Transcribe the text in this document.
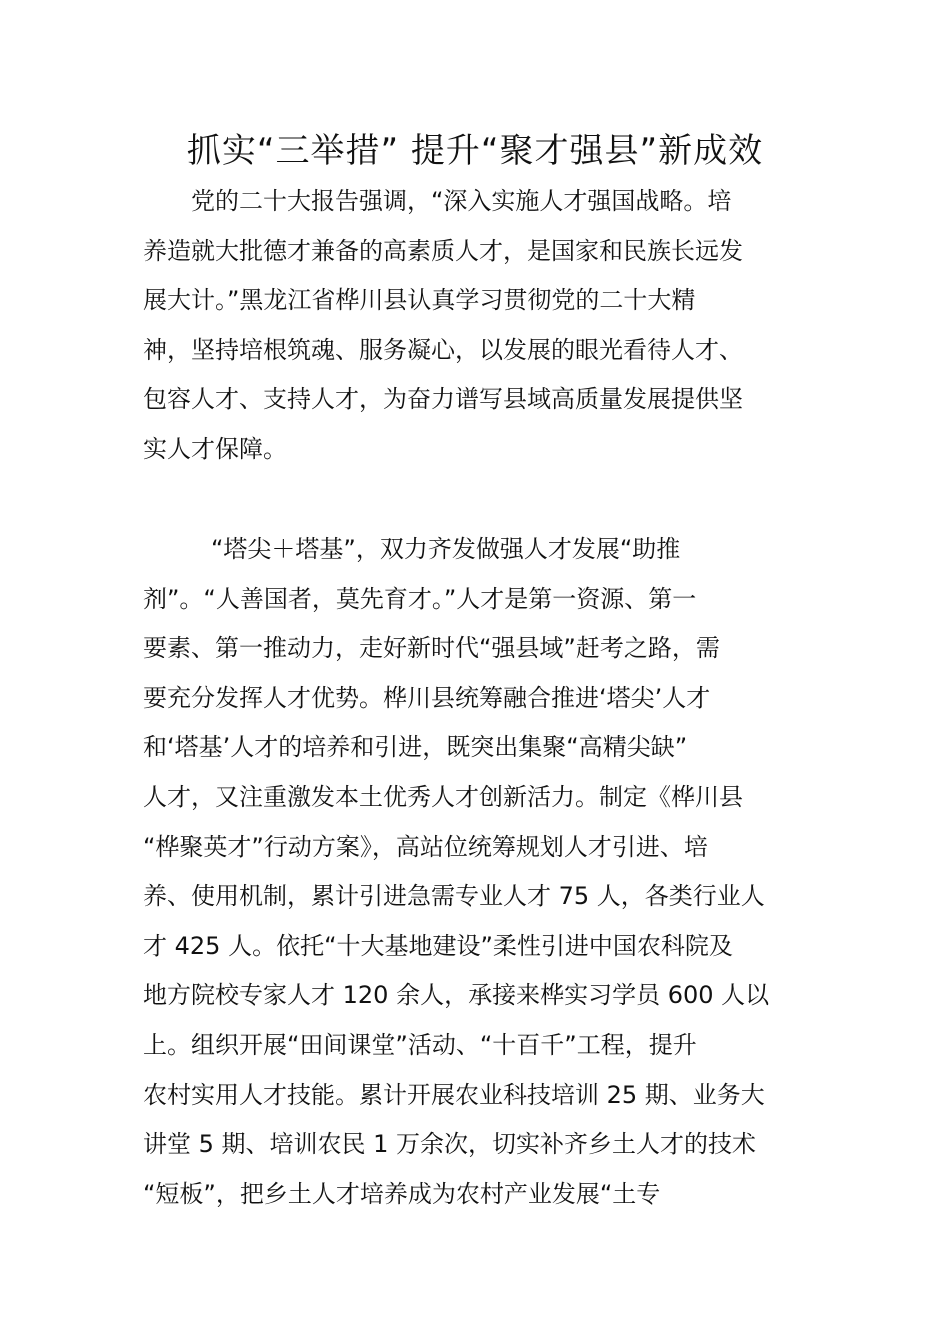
抓实“三举措” 提升“聚才强县”新成效
党的二十大报告强调，“深入实施人才强国战略。培
养造就大批德才兼备的高素质人才，是国家和民族长远发
展大计。”黑龙江省桦川县认真学习贯彻党的二十大精
神，坚持培根筑魂、服务凝心，以发展的眼光看待人才、
包容人才、支持人才，为奋力谱写县域高质量发展提供坚
实人才保障。
“塔尖＋塔基”，双力齐发做强人才发展“助推
剂”。“人善国者，莫先育才。”人才是第一资源、第一
要素、第一推动力，走好新时代“强县域”赶考之路，需
要充分发挥人才优势。桦川县统筹融合推进‘塔尖’人才
和‘塔基’人才的培养和引进，既突出集聚“高精尖缺”
人才，又注重激发本土优秀人才创新活力。制定《桦川县
“桦聚英才”行动方案》，高站位统筹规划人才引进、培
养、使用机制，累计引进急需专业人才 75 人，各类行业人
才 425 人。依托“十大基地建设”柔性引进中国农科院及
地方院校专家人才 120 余人，承接来桦实习学员 600 人以
上。组织开展“田间课堂”活动、“十百千”工程，提升
农村实用人才技能。累计开展农业科技培训 25 期、业务大
讲堂 5 期、培训农民 1 万余次，切实补齐乡土人才的技术
“短板”，把乡土人才培养成为农村产业发展“土专
